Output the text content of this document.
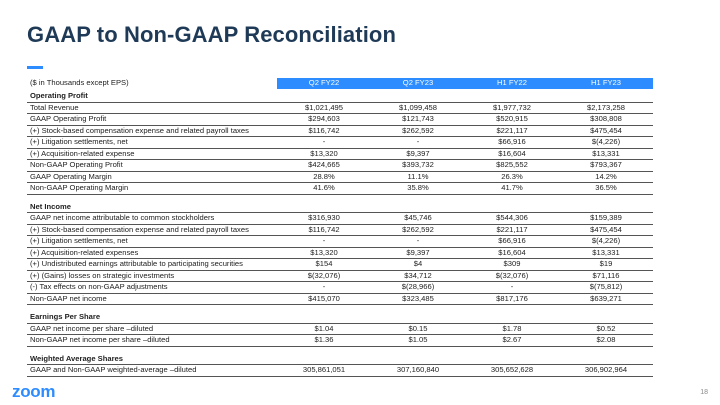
GAAP to Non-GAAP Reconciliation
($ in Thousands except EPS)	Q2 FY22	Q2 FY23	H1 FY22	H1 FY23
Operating Profit				
Total Revenue	$1,021,495	$1,099,458	$1,977,732	$2,173,258
GAAP Operating Profit	$294,603	$121,743	$520,915	$308,808
(+) Stock-based compensation expense and related payroll taxes	$116,742	$262,592	$221,117	$475,454
(+) Litigation settlements, net	-	-	$66,916	$(4,226)
(+) Acquisition-related expense	$13,320	$9,397	$16,604	$13,331
Non-GAAP Operating Profit	$424,665	$393,732	$825,552	$793,367
GAAP Operating Margin	28.8%	11.1%	26.3%	14.2%
Non-GAAP Operating Margin	41.6%	35.8%	41.7%	36.5%

Net Income				
GAAP net income attributable to common stockholders	$316,930	$45,746	$544,306	$159,389
(+) Stock-based compensation expense and related payroll taxes	$116,742	$262,592	$221,117	$475,454
(+) Litigation settlements, net	-	-	$66,916	$(4,226)
(+) Acquisition-related expenses	$13,320	$9,397	$16,604	$13,331
(+) Undistributed earnings attributable to participating securities	$154	$4	$309	$19
(+) (Gains) losses on strategic investments	$(32,076)	$34,712	$(32,076)	$71,116
(-) Tax effects on non-GAAP adjustments	-	$(28,966)	-	$(75,812)
Non-GAAP net income	$415,070	$323,485	$817,176	$639,271

Earnings Per Share				
GAAP net income per share –diluted	$1.04	$0.15	$1.78	$0.52
Non-GAAP net income per share –diluted	$1.36	$1.05	$2.67	$2.08

Weighted Average Shares				
GAAP and Non-GAAP weighted-average –diluted	305,861,051	307,160,840	305,652,628	306,902,964
zoom	18
